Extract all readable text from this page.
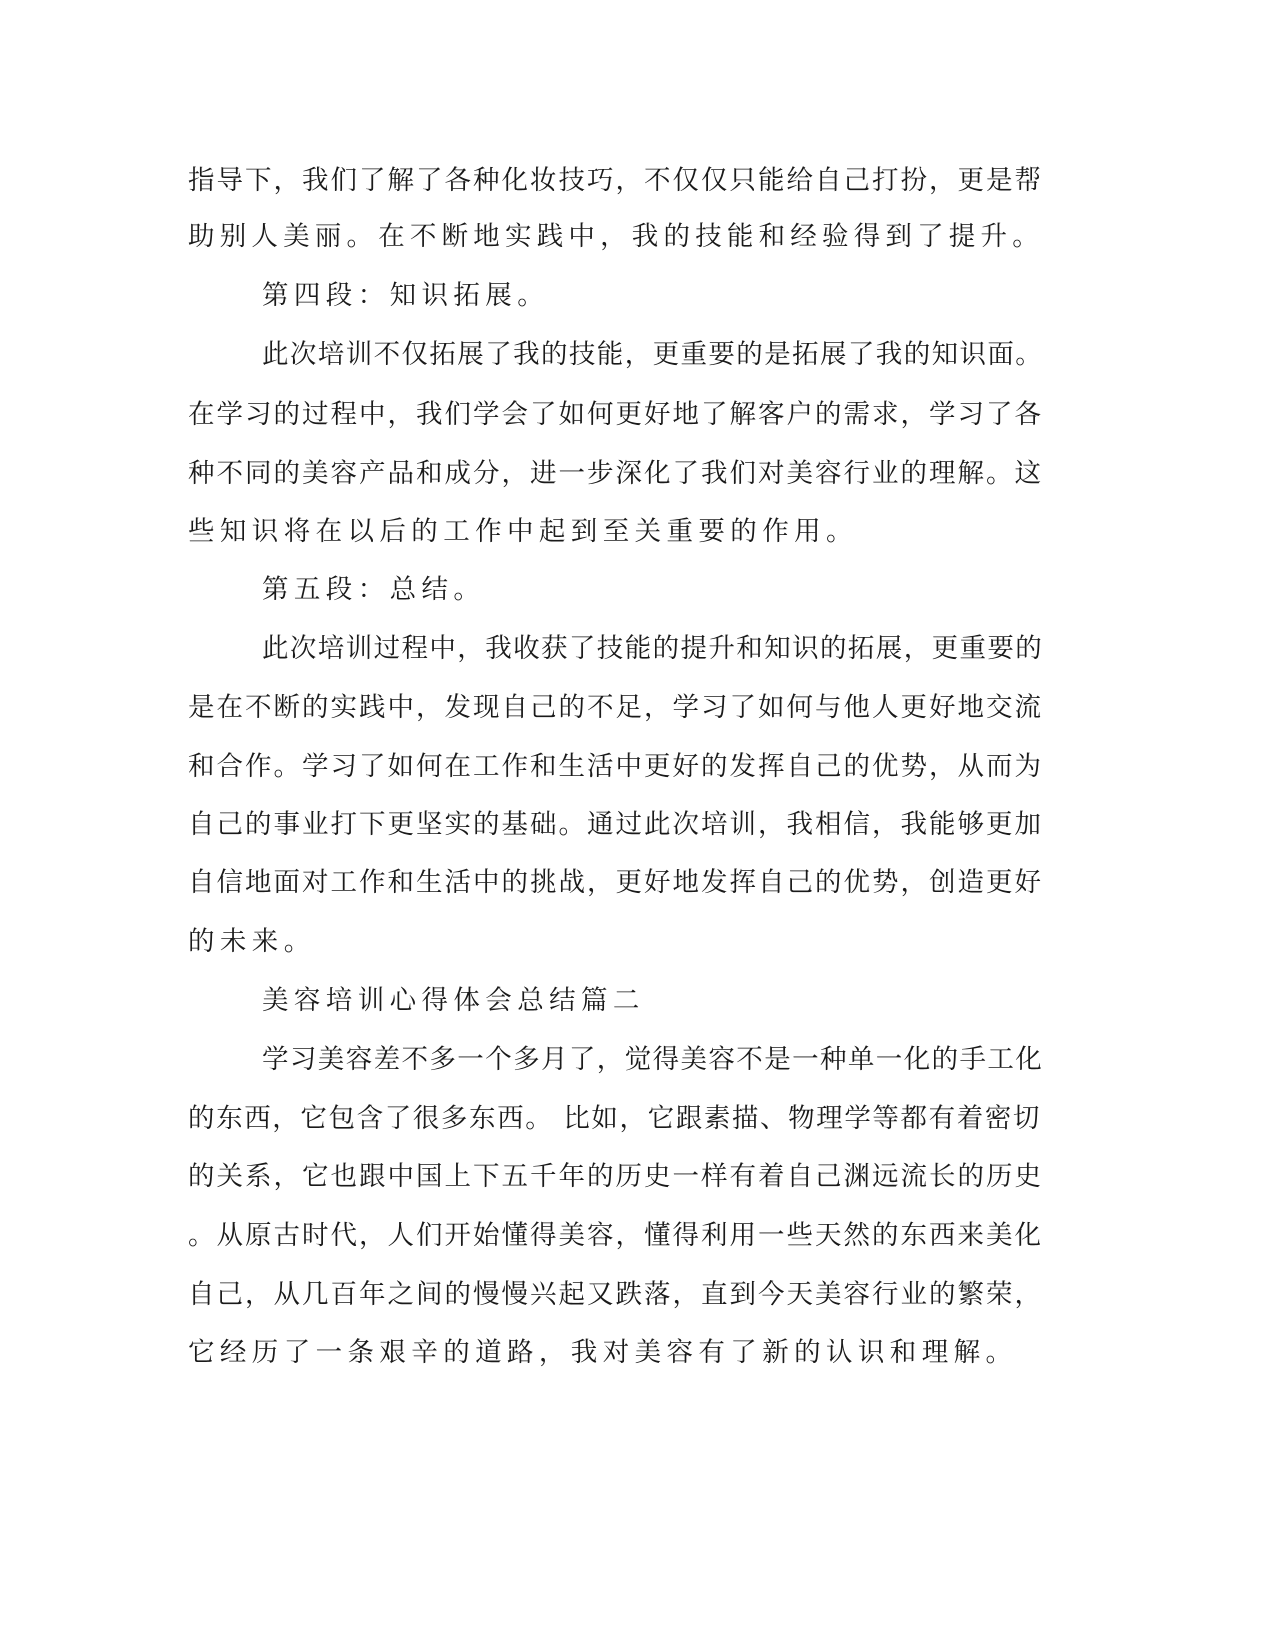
指导下，我们了解了各种化妆技巧，不仅仅只能给自己打扮，更是帮
助别人美丽。在不断地实践中，我的技能和经验得到了提升。
第四段：知识拓展。
此次培训不仅拓展了我的技能，更重要的是拓展了我的知识面。
在学习的过程中，我们学会了如何更好地了解客户的需求，学习了各
种不同的美容产品和成分，进一步深化了我们对美容行业的理解。这
些知识将在以后的工作中起到至关重要的作用。
第五段：总结。
此次培训过程中，我收获了技能的提升和知识的拓展，更重要的
是在不断的实践中，发现自己的不足，学习了如何与他人更好地交流
和合作。学习了如何在工作和生活中更好的发挥自己的优势，从而为
自己的事业打下更坚实的基础。通过此次培训，我相信，我能够更加
自信地面对工作和生活中的挑战，更好地发挥自己的优势，创造更好
的未来。
美容培训心得体会总结篇二
学习美容差不多一个多月了，觉得美容不是一种单一化的手工化
的东西，它包含了很多东西。 比如，它跟素描、物理学等都有着密切
的关系，它也跟中国上下五千年的历史一样有着自己渊远流长的历史
。从原古时代，人们开始懂得美容，懂得利用一些天然的东西来美化
自己，从几百年之间的慢慢兴起又跌落，直到今天美容行业的繁荣，
它经历了一条艰辛的道路，我对美容有了新的认识和理解。
